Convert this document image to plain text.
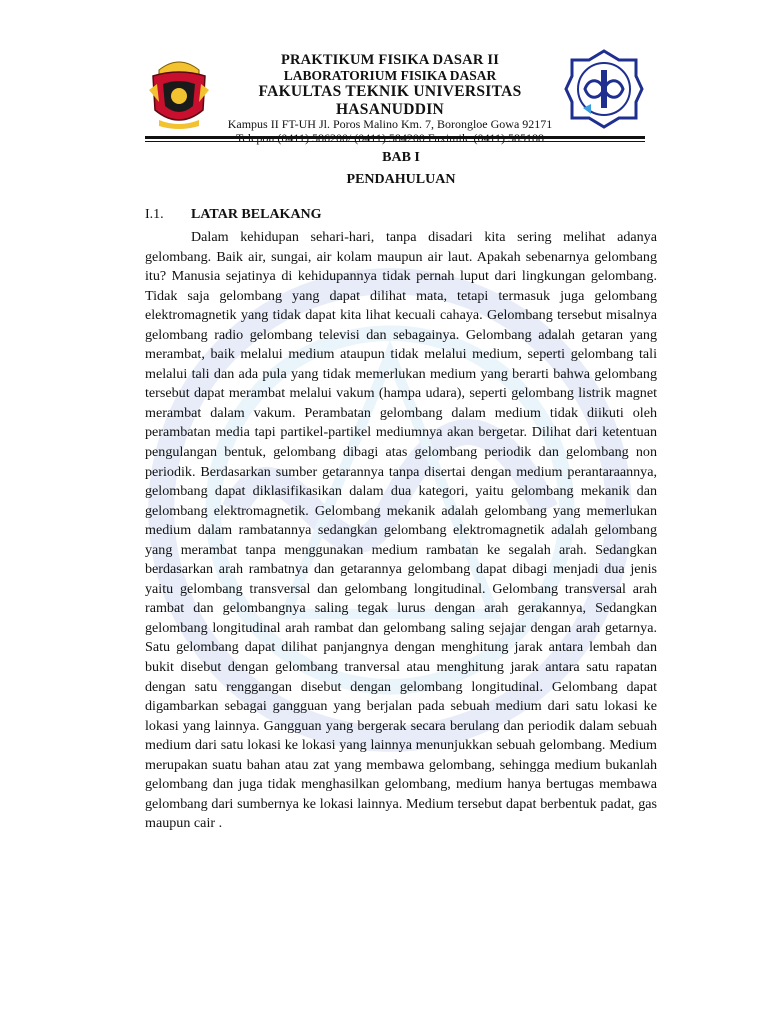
PRAKTIKUM FISIKA DASAR II
LABORATORIUM FISIKA DASAR
FAKULTAS TEKNIK UNIVERSITAS HASANUDDIN
Kampus II FT-UH Jl. Poros Malino Km. 7, Borongloe Gowa 92171
Telepon (0411) 586200/ (0411) 584200 Faximile (0411) 585188
BAB I
PENDAHULUAN
I.1. LATAR BELAKANG

Dalam kehidupan sehari-hari, tanpa disadari kita sering melihat adanya gelombang. Baik air, sungai, air kolam maupun air laut. Apakah sebenarnya gelombang itu? Manusia sejatinya di kehidupannya tidak pernah luput dari lingkungan gelombang. Tidak saja gelombang yang dapat dilihat mata, tetapi termasuk juga gelombang elektromagnetik yang tidak dapat kita lihat kecuali cahaya. Gelombang tersebut misalnya gelombang radio gelombang televisi dan sebagainya. Gelombang adalah getaran yang merambat, baik melalui medium ataupun tidak melalui medium, seperti gelombang tali melalui tali dan ada pula yang tidak memerlukan medium yang berarti bahwa gelombang tersebut dapat merambat melalui vakum (hampa udara), seperti gelombang listrik magnet merambat dalam vakum. Perambatan gelombang dalam medium tidak diikuti oleh perambatan media tapi partikel-partikel mediumnya akan bergetar. Dilihat dari ketentuan pengulangan bentuk, gelombang dibagi atas gelombang periodik dan gelombang non periodik. Berdasarkan sumber getarannya tanpa disertai dengan medium perantaraannya, gelombang dapat diklasifikasikan dalam dua kategori, yaitu gelombang mekanik dan gelombang elektromagnetik. Gelombang mekanik adalah gelombang yang memerlukan medium dalam rambatannya sedangkan gelombang elektromagnetik adalah gelombang yang merambat tanpa menggunakan medium rambatan ke segalah arah. Sedangkan berdasarkan arah rambatnya dan getarannya gelombang dapat dibagi menjadi dua jenis yaitu gelombang transversal dan gelombang longitudinal. Gelombang transversal arah rambat dan gelombangnya saling tegak lurus dengan arah gerakannya, Sedangkan gelombang longitudinal arah rambat dan gelombang saling sejajar dengan arah getarnya. Satu gelombang dapat dilihat panjangnya dengan menghitung jarak antara lembah dan bukit disebut dengan gelombang tranversal atau menghitung jarak antara satu rapatan dengan satu renggangan disebut dengan gelombang longitudinal. Gelombang dapat digambarkan sebagai gangguan yang berjalan pada sebuah medium dari satu lokasi ke lokasi yang lainnya. Gangguan yang bergerak secara berulang dan periodik dalam sebuah medium dari satu lokasi ke lokasi yang lainnya menunjukkan sebuah gelombang. Medium merupakan suatu bahan atau zat yang membawa gelombang, sehingga medium bukanlah gelombang dan juga tidak menghasilkan gelombang, medium hanya bertugas membawa gelombang dari sumbernya ke lokasi lainnya. Medium tersebut dapat berbentuk padat, gas maupun cair .
